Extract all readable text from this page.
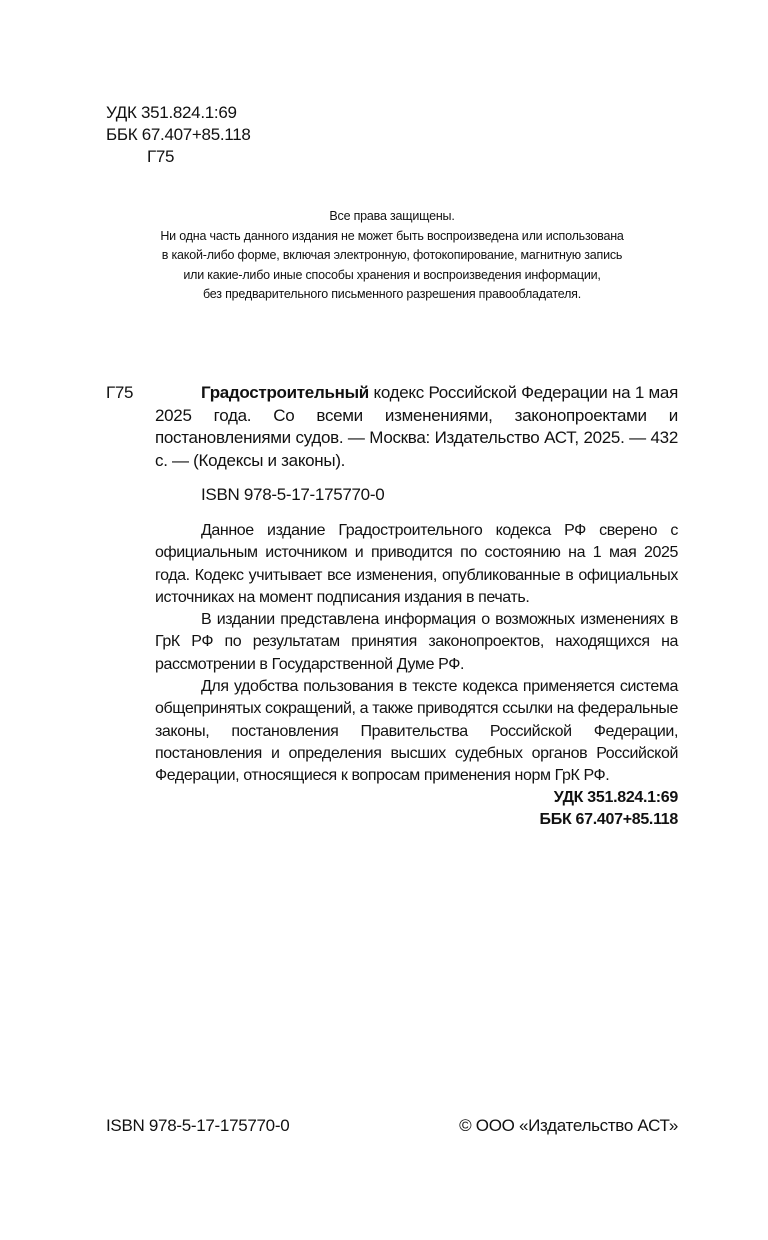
УДК 351.824.1:69
ББК 67.407+85.118
Г75
Все права защищены.
Ни одна часть данного издания не может быть воспроизведена или использована
в какой-либо форме, включая электронную, фотокопирование, магнитную запись
или какие-либо иные способы хранения и воспроизведения информации,
без предварительного письменного разрешения правообладателя.
Г75	Градостроительный кодекс Российской Федерации на 1 мая 2025 года. Со всеми изменениями, законопроектами и постановлениями судов. — Москва: Издательство АСТ, 2025. — 432 с. — (Кодексы и законы).
ISBN 978-5-17-175770-0

Данное издание Градостроительного кодекса РФ сверено с официальным источником и приводится по состоянию на 1 мая 2025 года. Кодекс учитывает все изменения, опубликованные в официальных источниках на момент подписания издания в печать.

В издании представлена информация о возможных изменениях в ГрК РФ по результатам принятия законопроектов, находящихся на рассмотрении в Государственной Думе РФ.

Для удобства пользования в тексте кодекса применяется система общепринятых сокращений, а также приводятся ссылки на федеральные законы, постановления Правительства Российской Федерации, постановления и определения высших судебных органов Российской Федерации, относящиеся к вопросам применения норм ГрК РФ.

УДК 351.824.1:69
ББК 67.407+85.118
ISBN 978-5-17-175770-0	© ООО «Издательство АСТ»
